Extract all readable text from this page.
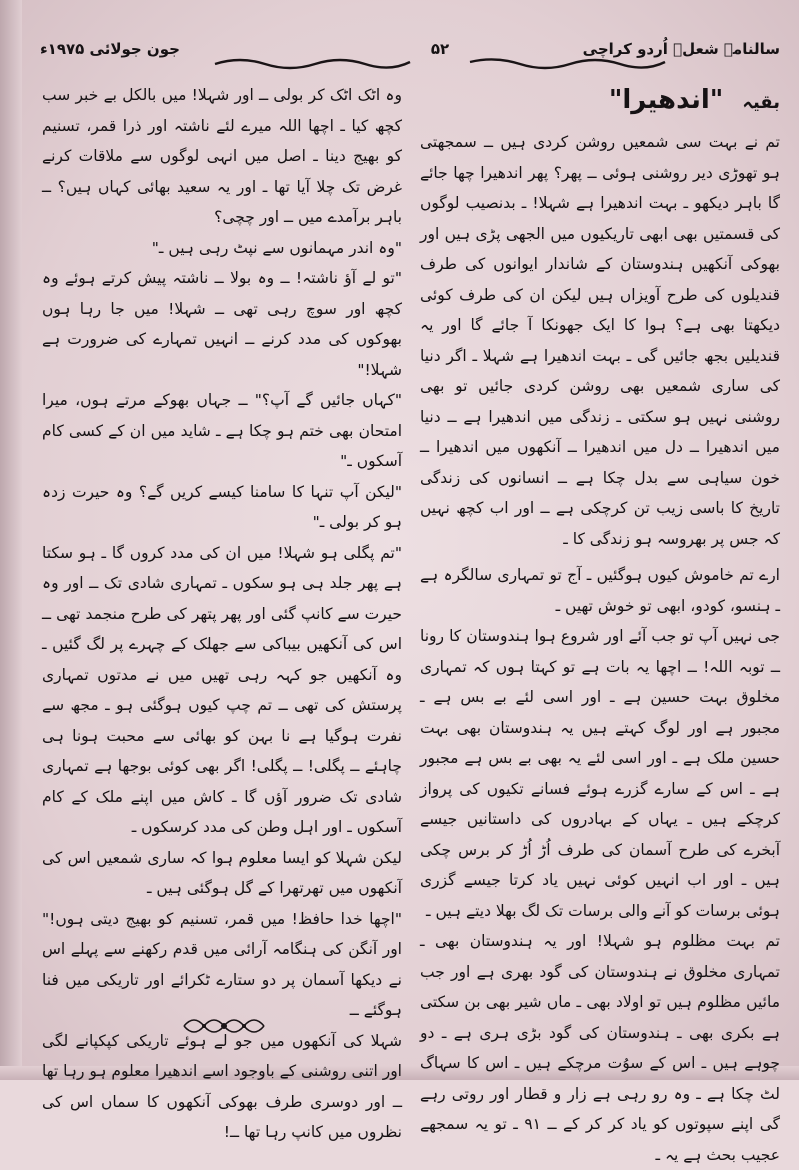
جون جولائی ۱۹۷۵ء	۵۲	سالنامہ شعلؔ اُردو کراچی
بقیہ "اندھیرا"

تم نے بہت سی شمعیں روشن کردی ہیں ــ سمجھتی ہو تھوڑی دیر روشنی ہوئی ــ پھر؟ پھر اندھیرا چھا جائے گا باہر دیکھو ـ بہت اندھیرا ہے شہلا! ـ بدنصیب لوگوں کی قسمتیں بھی ابھی تاریکیوں میں الجھی پڑی ہیں اور بھوکی آنکھیں ہندوستان کے شاندار ایوانوں کی طرف قندیلوں کی طرح آویزاں ہیں لیکن ان کی طرف کوئی دیکھتا بھی ہے؟ ہوا کا ایک جھونکا آ جائے گا اور یہ قندیلیں بجھ جائیں گی ـ بہت اندھیرا ہے شہلا ـ اگر دنیا کی ساری شمعیں بھی روشن کردی جائیں تو بھی روشنی نہیں ہو سکتی ـ زندگی میں اندھیرا ہے ــ دنیا میں اندھیرا ــ دل میں اندھیرا ــ آنکھوں میں اندھیرا ــ خون سیاہی سے بدل چکا ہے ــ انسانوں کی زندگی تاریخ کا باسی زیب تن کرچکی ہے ــ اور اب کچھ نہیں کہ جس پر بھروسہ ہو زندگی کا ـ

ارے تم خاموش کیوں ہوگئیں ـ آج تو تمہاری سالگرہ ہے ـ ہنسو، کودو، ابھی تو خوش تھیں ـ

جی نہیں آپ تو جب آئے اور شروع ہوا ہندوستان کا رونا ــ توبہ اللہ! ــ اچھا یہ بات ہے تو کہتا ہوں کہ تمہاری مخلوق بہت حسین ہے ـ اور اسی لئے بے بس ہے ـ مجبور ہے اور لوگ کہتے ہیں یہ ہندوستان بھی بہت حسین ملک ہے ـ اور اسی لئے یہ بھی بے بس ہے مجبور ہے ـ اس کے سارے گزرے ہوئے فسانے تکیوں کی پرواز کرچکے ہیں ـ یہاں کے بہادروں کی داستانیں جیسے آبخرے کی طرح آسمان کی طرف اُڑ اُڑ کر برس چکی ہیں ـ اور اب انہیں کوئی نہیں یاد کرتا جیسے گزری ہوئی برسات کو آنے والی برسات تک لگ بھلا دیتے ہیں ـ

تم بہت مظلوم ہو شہلا! اور یہ ہندوستان بھی ـ تمہاری مخلوق نے ہندوستان کی گود بھری ہے اور جب مائیں مظلوم ہیں تو اولاد بھی ـ ماں شیر بھی بن سکتی ہے بکری بھی ـ ہندوستان کی گود بڑی ہری ہے ـ دو چوہے ہیں ـ اس کے سوُت مرچکے ہیں ـ اس کا سہاگ لٹ چکا ہے ـ وہ رو رہی ہے زار و قطار اور روتی رہے گی اپنے سپوتوں کو یاد کر کر کے ــ ۹۱ ـ تو یہ سمجھے عجیب بحث ہے یہ ـ

وہ اٹک اٹک کر بولی ــ اور شہلا! میں بالکل بے خبر سب کچھ کیا ـ اچھا اللہ میرے لئے ناشتہ اور ذرا قمر، تسنیم کو بھیج دینا ـ اصل میں انہی لوگوں سے ملاقات کرنے غرض تک چلا آیا تھا ـ اور یہ سعید بھائی کہاں ہیں؟ ــ باہر برآمدے میں ــ اور چچی؟

"وہ اندر مہمانوں سے نپٹ رہی ہیں ـ"

"تو لے آؤ ناشتہ! ــ وہ بولا ــ ناشتہ پیش کرتے ہوئے وہ کچھ اور سوچ رہی تھی ــ شہلا! میں جا رہا ہوں بھوکوں کی مدد کرنے ــ انہیں تمہارے کی ضرورت ہے شہلا!"

"کہاں جائیں گے آپ؟" ــ جہاں بھوکے مرتے ہوں، میرا امتحان بھی ختم ہو چکا ہے ـ شاید میں ان کے کسی کام آسکوں ـ"

"لیکن آپ تنہا کا سامنا کیسے کریں گے؟ وہ حیرت زدہ ہو کر بولی ـ"

"تم پگلی ہو شہلا! میں ان کی مدد کروں گا ـ ہو سکتا ہے پھر جلد ہی ہو سکوں ـ تمہاری شادی تک ــ اور وہ حیرت سے کانپ گئی اور پھر پتھر کی طرح منجمد تھی ــ اس کی آنکھیں بیباکی سے جھلک کے چہرے پر لگ گئیں ـ وہ آنکھیں جو کہہ رہی تھیں میں نے مدتوں تمہاری پرستش کی تھی ــ تم چپ کیوں ہوگئی ہو ـ مجھ سے نفرت ہوگیا ہے نا بہن کو بھائی سے محبت ہونا ہی چاہئے ــ پگلی! ــ پگلی! اگر بھی کوئی بوجھا ہے تمہاری شادی تک ضرور آؤں گا ـ کاش میں اپنے ملک کے کام آسکوں ـ اور اہل وطن کی مدد کرسکوں ـ

لیکن شہلا کو ایسا معلوم ہوا کہ ساری شمعیں اس کی آنکھوں میں تھرتھرا کے گل ہوگئی ہیں ـ

"اچھا خدا حافظ! میں قمر، تسنیم کو بھیج دیتی ہوں!" اور آنگن کی ہنگامہ آرائی میں قدم رکھنے سے پہلے اس نے دیکھا آسمان پر دو ستارے ٹکرائے اور تاریکی میں فنا ہوگئے ــ

شہلا کی آنکھوں میں جو لے ہوئے تاریکی کپکپانے لگی اور اتنی روشنی کے باوجود اسے اندھیرا معلوم ہو رہا تھا ــ اور دوسری طرف بھوکی آنکھوں کا سماں اس کی نظروں میں کانپ رہا تھا ــ!
